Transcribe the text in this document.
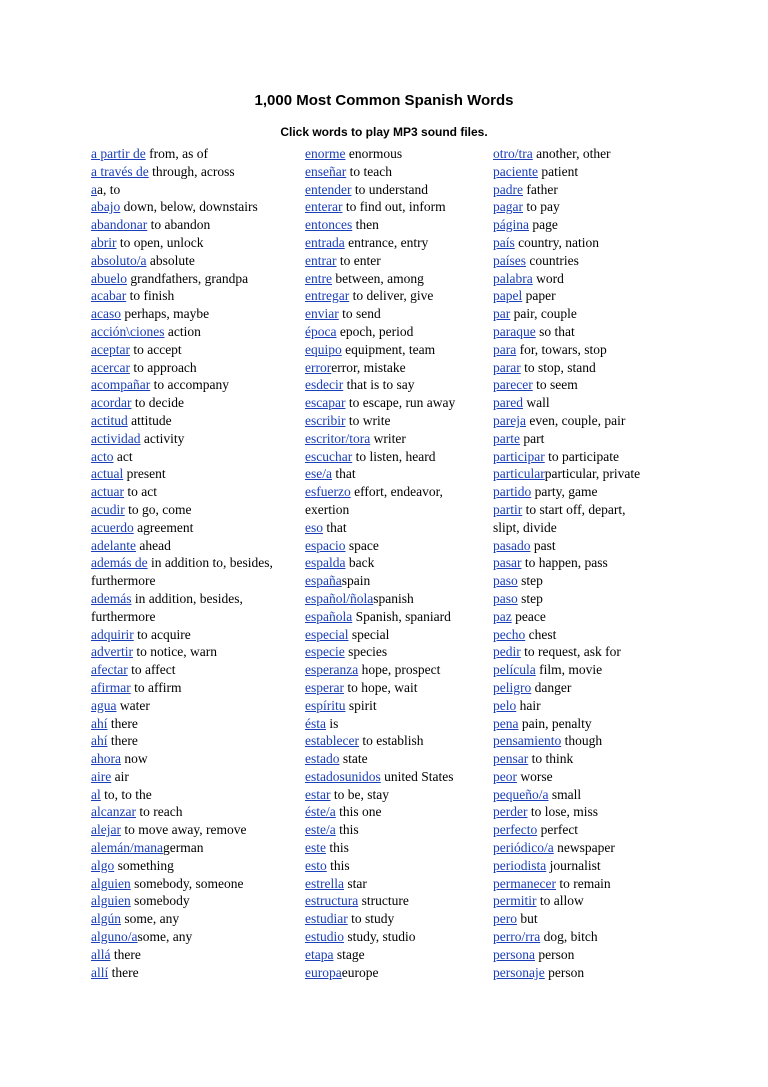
1,000 Most Common Spanish Words
Click words to play MP3 sound files.
a partir de from, as of
a través de through, across
aa, to
abajo down, below, downstairs
abandonar to abandon
abrir to open, unlock
absoluto/a absolute
abuelo grandfathers, grandpa
acabar to finish
acaso perhaps, maybe
acción\ciones action
aceptar to accept
acercar to approach
acompañar to accompany
acordar to decide
actitud attitude
actividad activity
acto act
actual present
actuar to act
acudir to go, come
acuerdo agreement
adelante ahead
además de in addition to, besides,
furthermore
además in addition, besides,
furthermore
adquirir to acquire
advertir to notice, warn
afectar to affect
afirmar to affirm
agua water
ahí there
ahí there
ahora now
aire air
al to, to the
alcanzar to reach
alejar to move away, remove
alemán/managerman
algo something
alguien somebody, someone
alguien somebody
algún some, any
alguno/asome, any
allá there
allí there
enorme enormous
enseñar to teach
entender to understand
enterar to find out, inform
entonces then
entrada entrance, entry
entrar to enter
entre between, among
entregar to deliver, give
enviar to send
época epoch, period
equipo equipment, team
errorerror, mistake
esdecir that is to say
escapar to escape, run away
escribir to write
escritor/tora writer
escuchar to listen, heard
ese/a that
esfuerzo effort, endeavor,
exertion
eso that
espacio space
espalda back
españaspain
español/ñolaspanish
española Spanish, spaniard
especial special
especie species
esperanza hope, prospect
esperar to hope, wait
espíritu spirit
ésta is
establecer to establish
estado state
estadosunidos united States
estar to be, stay
éste/a this one
este/a this
este this
esto this
estrella star
estructura structure
estudiar to study
estudio study, studio
etapa stage
europaeurope
otro/tra another, other
paciente patient
padre father
pagar to pay
página page
país country, nation
países countries
palabra word
papel paper
par pair, couple
paraque so that
para for, towars, stop
parar to stop, stand
parecer to seem
pared wall
pareja even, couple, pair
parte part
participar to participate
particularparticular, private
partido party, game
partir to start off, depart,
slipt, divide
pasado past
pasar to happen, pass
paso step
paso step
paz peace
pecho chest
pedir to request, ask for
película film, movie
peligro danger
pelo hair
pena pain, penalty
pensamiento though
pensar to think
peor worse
pequeño/a small
perder to lose, miss
perfecto perfect
periódico/a newspaper
periodista journalist
permanecer to remain
permitir to allow
pero but
perro/rra dog, bitch
persona person
personaje person
